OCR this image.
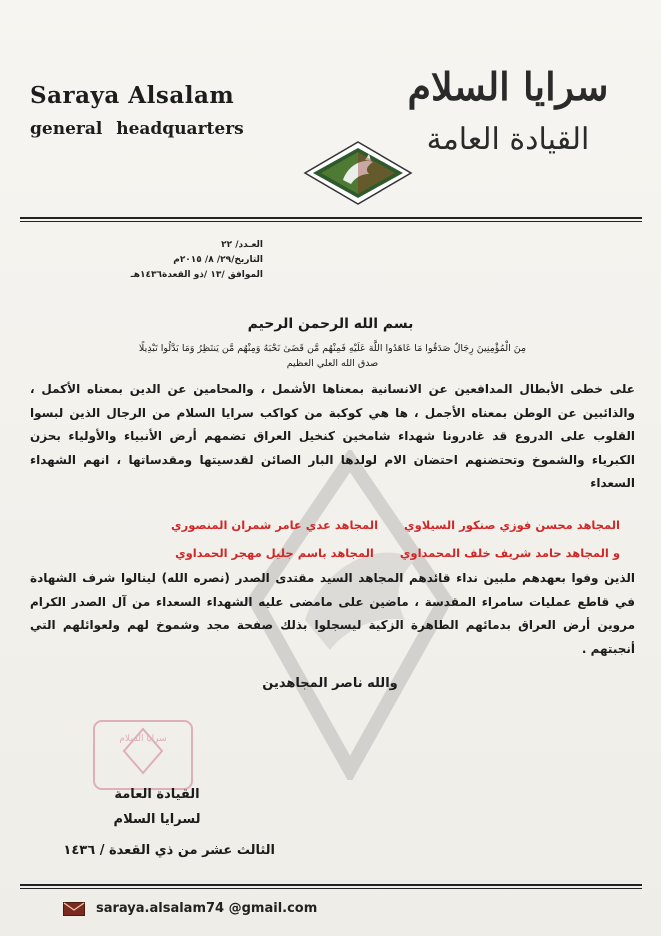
Saraya Alsalam
general headquarters
سرايا السلام
القيادة العامة
العـدد/ ٢٢
التاريخ/٢٩/ ٨/ ٢٠١٥م
الموافق /١٣ /ذو القعدة١٤٣٦هـ
بسم الله الرحمن الرحيم
مِنَ الْمُؤْمِنِينَ رِجَالٌ صَدَقُوا مَا عَاهَدُوا اللَّهَ عَلَيْهِ فَمِنْهُم مَّن قَضَىٰ نَحْبَهُ وَمِنْهُم مَّن يَنتَظِرُ وَمَا بَدَّلُوا تَبْدِيلًا
صدق الله العلي العظيم
على خطى الأبطال المدافعين عن الانسانية بمعناها الأشمل ، والمحامين عن الدين بمعناه الأكمل ، والذائبين عن الوطن بمعناه الأجمل ، ها هي كوكبة من كواكب سرايا السلام من الرجال الذين لبسوا القلوب على الدروع قد غادرونا شهداء شامخين كنخيل العراق تضمهم أرض الأنبياء والأولياء بحزن الكبرياء والشموخ وتحتضنهم احتضان الام لولدها البار الصائن لقدسيتها ومقدساتها ، انهم الشهداء السعداء
المجاهد محسن فوزي صنكور السيلاوي
المجاهد عدي عامر شمران المنصوري
و المجاهد حامد شريف خلف المحمداوي
المجاهد باسم جليل مهجر الحمداوي
الذين وفوا بعهدهم ملبين نداء قائدهم المجاهد السيد مقتدى الصدر (نصره الله) لينالوا شرف الشهادة في قاطع عمليات سامراء المقدسة ، ماضين على مامضى عليه الشهداء السعداء من آل الصدر الكرام مروين أرض العراق بدمائهم الطاهرة الزكية ليسجلوا بذلك صفحة مجد وشموخ لهم ولعوائلهم التي أنجبتهم .
والله ناصر المجاهدين
سرايا السلام
القيادة العامة
لسرايا السلام
الثالث عشر من ذي القعدة / ١٤٣٦
saraya.alsalam74 @gmail.com
